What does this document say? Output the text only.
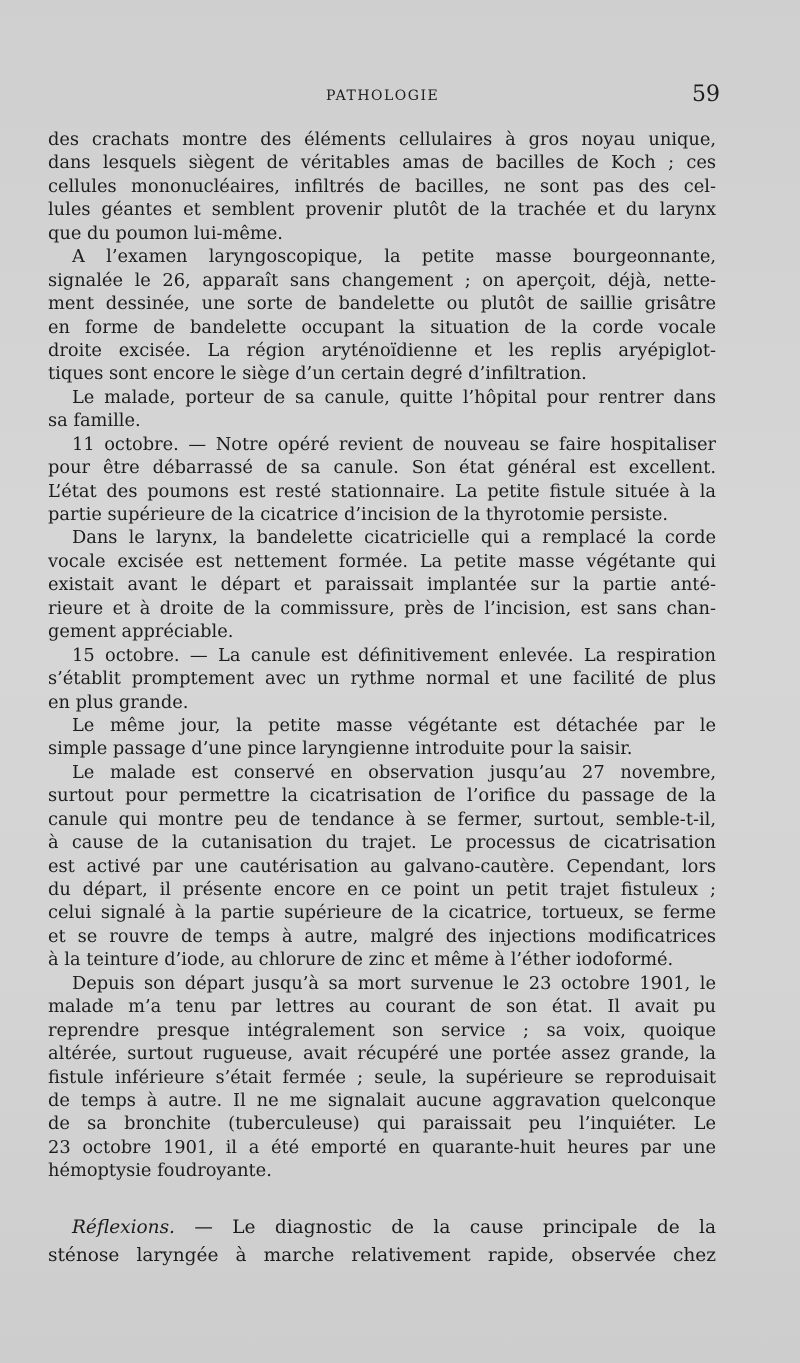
PATHOLOGIE	59
des crachats montre des éléments cellulaires à gros noyau unique,
dans lesquels siègent de véritables amas de bacilles de Koch ; ces
cellules mononucléaires, infiltrés de bacilles, ne sont pas des cel-
lules géantes et semblent provenir plutôt de la trachée et du larynx
que du poumon lui-même.
A l’examen laryngoscopique, la petite masse bourgeonnante,
signalée le 26, apparaît sans changement ; on aperçoit, déjà, nette-
ment dessinée, une sorte de bandelette ou plutôt de saillie grisâtre
en forme de bandelette occupant la situation de la corde vocale
droite excisée. La région aryténoïdienne et les replis aryépiglot-
tiques sont encore le siège d’un certain degré d’infiltration.
Le malade, porteur de sa canule, quitte l’hôpital pour rentrer dans
sa famille.
11 octobre. — Notre opéré revient de nouveau se faire hospitaliser
pour être débarrassé de sa canule. Son état général est excellent.
L’état des poumons est resté stationnaire. La petite fistule située à la
partie supérieure de la cicatrice d’incision de la thyrotomie persiste.
Dans le larynx, la bandelette cicatricielle qui a remplacé la corde
vocale excisée est nettement formée. La petite masse végétante qui
existait avant le départ et paraissait implantée sur la partie anté-
rieure et à droite de la commissure, près de l’incision, est sans chan-
gement appréciable.
15 octobre. — La canule est définitivement enlevée. La respiration
s’établit promptement avec un rythme normal et une facilité de plus
en plus grande.
Le même jour, la petite masse végétante est détachée par le
simple passage d’une pince laryngienne introduite pour la saisir.
Le malade est conservé en observation jusqu’au 27 novembre,
surtout pour permettre la cicatrisation de l’orifice du passage de la
canule qui montre peu de tendance à se fermer, surtout, semble-t-il,
à cause de la cutanisation du trajet. Le processus de cicatrisation
est activé par une cautérisation au galvano-cautère. Cependant, lors
du départ, il présente encore en ce point un petit trajet fistuleux ;
celui signalé à la partie supérieure de la cicatrice, tortueux, se ferme
et se rouvre de temps à autre, malgré des injections modificatrices
à la teinture d’iode, au chlorure de zinc et même à l’éther iodoformé.
Depuis son départ jusqu’à sa mort survenue le 23 octobre 1901, le
malade m’a tenu par lettres au courant de son état. Il avait pu
reprendre presque intégralement son service ; sa voix, quoique
altérée, surtout rugueuse, avait récupéré une portée assez grande, la
fistule inférieure s’était fermée ; seule, la supérieure se reproduisait
de temps à autre. Il ne me signalait aucune aggravation quelconque
de sa bronchite (tuberculeuse) qui paraissait peu l’inquiéter. Le
23 octobre 1901, il a été emporté en quarante-huit heures par une
hémoptysie foudroyante.
Réflexions. — Le diagnostic de la cause principale de la
sténose laryngée à marche relativement rapide, observée chez
